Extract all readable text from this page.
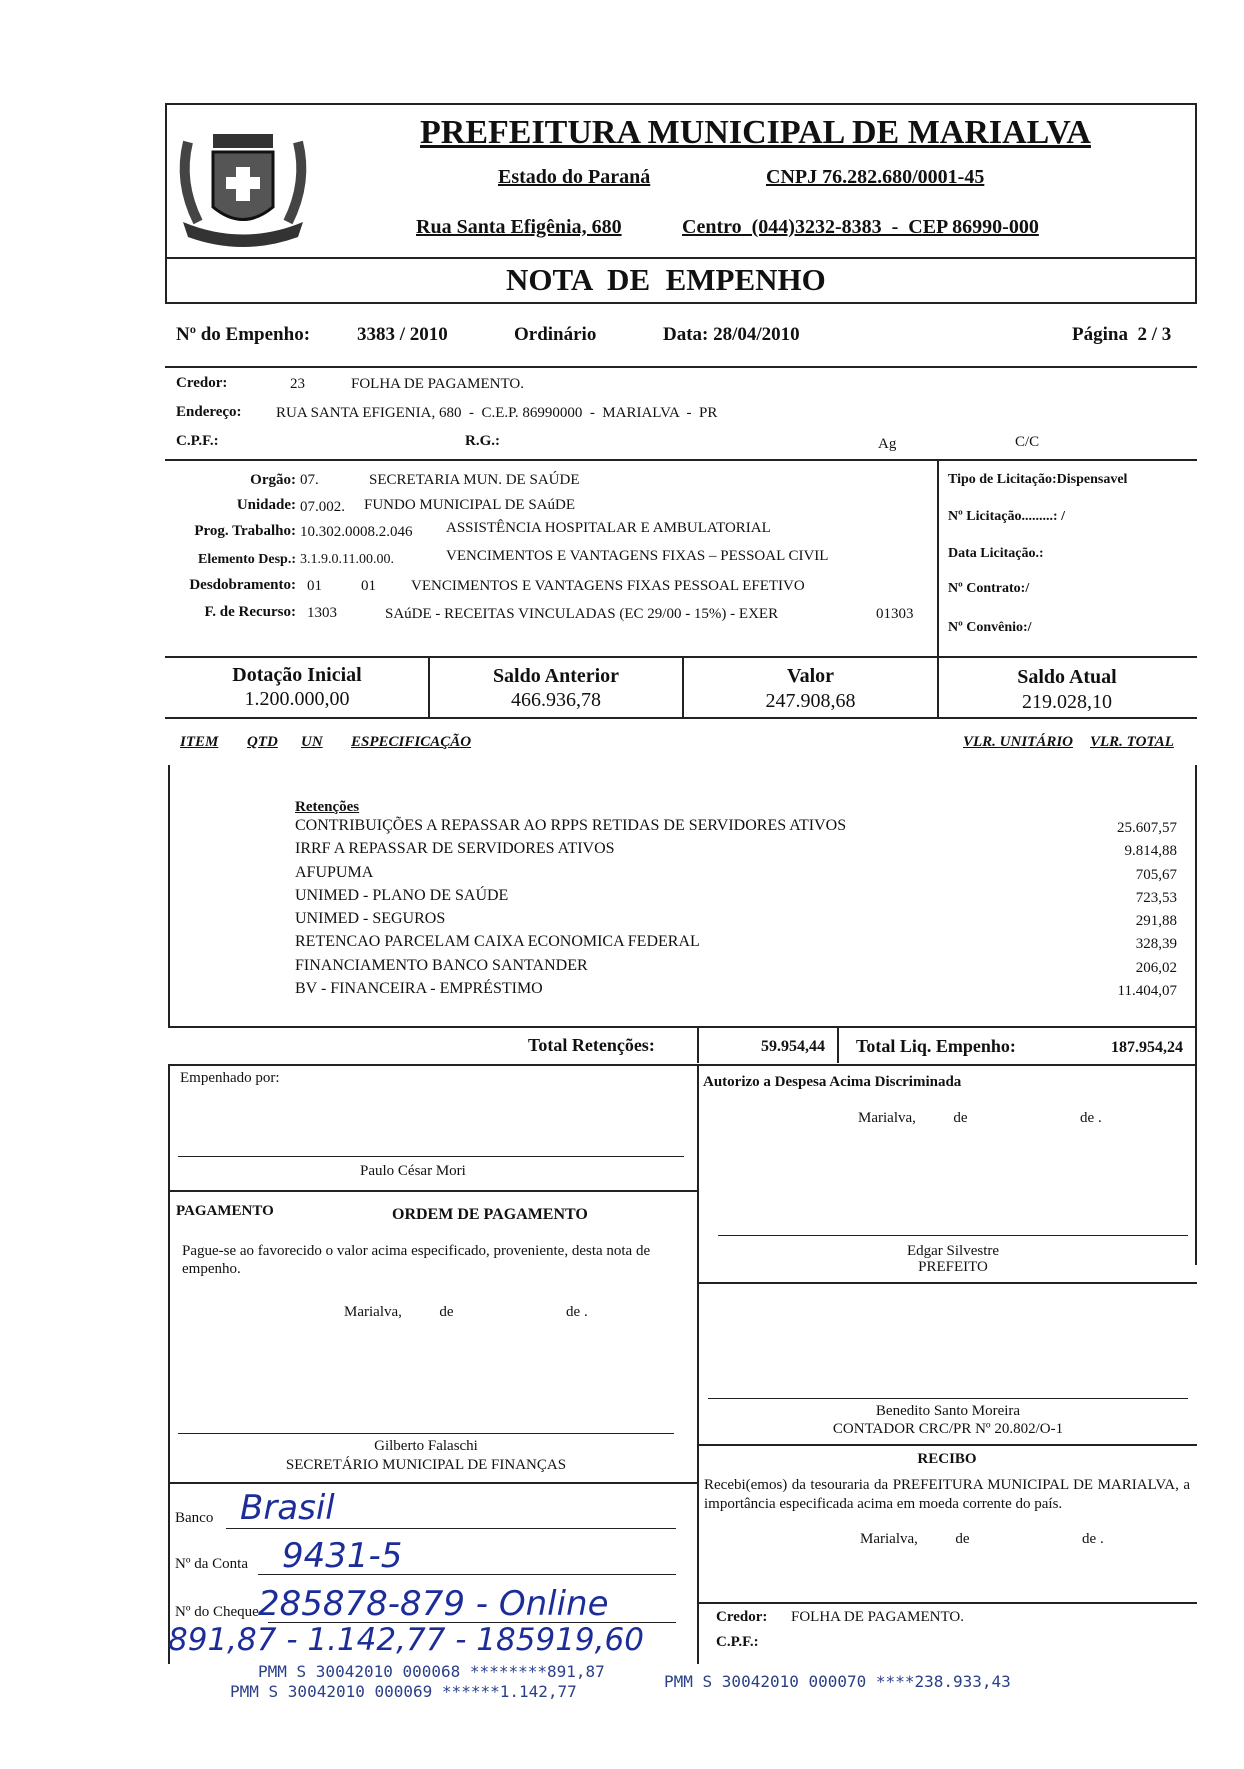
PREFEITURA MUNICIPAL DE MARIALVA
Estado do Paraná	CNPJ 76.282.680/0001-45
Rua Santa Efigênia, 680	Centro  (044)3232-8383  -  CEP 86990-000
NOTA  DE  EMPENHO
Nº do Empenho: 3383 / 2010	Ordinário	Data: 28/04/2010	Página  2 / 3
Credor:	23	FOLHA DE PAGAMENTO.
Endereço: RUA SANTA EFIGENIA, 680  -  C.E.P. 86990000  -  MARIALVA  -  PR
C.P.F.:	R.G.:	Ag	C/C
Orgão: 07.	SECRETARIA MUN. DE SAÚDE
Unidade: 07.002. FUNDO MUNICIPAL DE SAúDE
Prog. Trabalho: 10.302.0008.2.046 ASSISTÊNCIA HOSPITALAR E AMBULATORIAL
Elemento Desp.: 3.1.9.0.11.00.00.	VENCIMENTOS E VANTAGENS FIXAS – PESSOAL CIVIL
Desdobramento: 01	01 VENCIMENTOS E VANTAGENS FIXAS PESSOAL EFETIVO
F. de Recurso: 1303	SAúDE - RECEITAS VINCULADAS (EC 29/00 - 15%) - EXER	01303
Tipo de Licitação:Dispensavel
Nº Licitação.........: /
Data Licitação.:
Nº Contrato:/
Nº Convênio:/
Dotação Inicial
1.200.000,00
Saldo Anterior
466.936,78
Valor
247.908,68
Saldo Atual
219.028,10
ITEM QTD UN ESPECIFICAÇÃO	VLR. UNITÁRIO VLR. TOTAL
Retenções
CONTRIBUIÇÕES A REPASSAR AO RPPS RETIDAS DE SERVIDORES ATIVOS	25.607,57
IRRF A REPASSAR DE SERVIDORES ATIVOS	9.814,88
AFUPUMA	705,67
UNIMED - PLANO DE SAÚDE	723,53
UNIMED - SEGUROS	291,88
RETENCAO PARCELAM CAIXA ECONOMICA FEDERAL	328,39
FINANCIAMENTO BANCO SANTANDER	206,02
BV - FINANCEIRA - EMPRÉSTIMO	11.404,07
Total Retenções:	59.954,44 Total Liq. Empenho:	187.954,24
Empenhado por:
Paulo César Mori
PAGAMENTO	ORDEM DE PAGAMENTO
Pague-se ao favorecido o valor acima especificado, proveniente, desta nota de empenho.
Marialva,          de                              de .
Gilberto Falaschi
SECRETÁRIO MUNICIPAL DE FINANÇAS
Banco
Nº da Conta
Nº do Cheque
Brasil
9431-5
285878-879 - Online
891,87 - 1.142,77 - 185919,60
Autorizo a Despesa Acima Discriminada
Marialva,          de                              de .
Edgar Silvestre
PREFEITO
Benedito Santo Moreira
CONTADOR CRC/PR Nº 20.802/O-1
RECIBO
Recebi(emos) da tesouraria da PREFEITURA MUNICIPAL DE MARIALVA, a importância especificada acima em moeda corrente do país.
Marialva,          de                              de .
Credor: FOLHA DE PAGAMENTO.
C.P.F.:
PMM S 30042010 000068 ********891,87
PMM S 30042010 000069 ******1.142,77
PMM S 30042010 000070 ****238.933,43
